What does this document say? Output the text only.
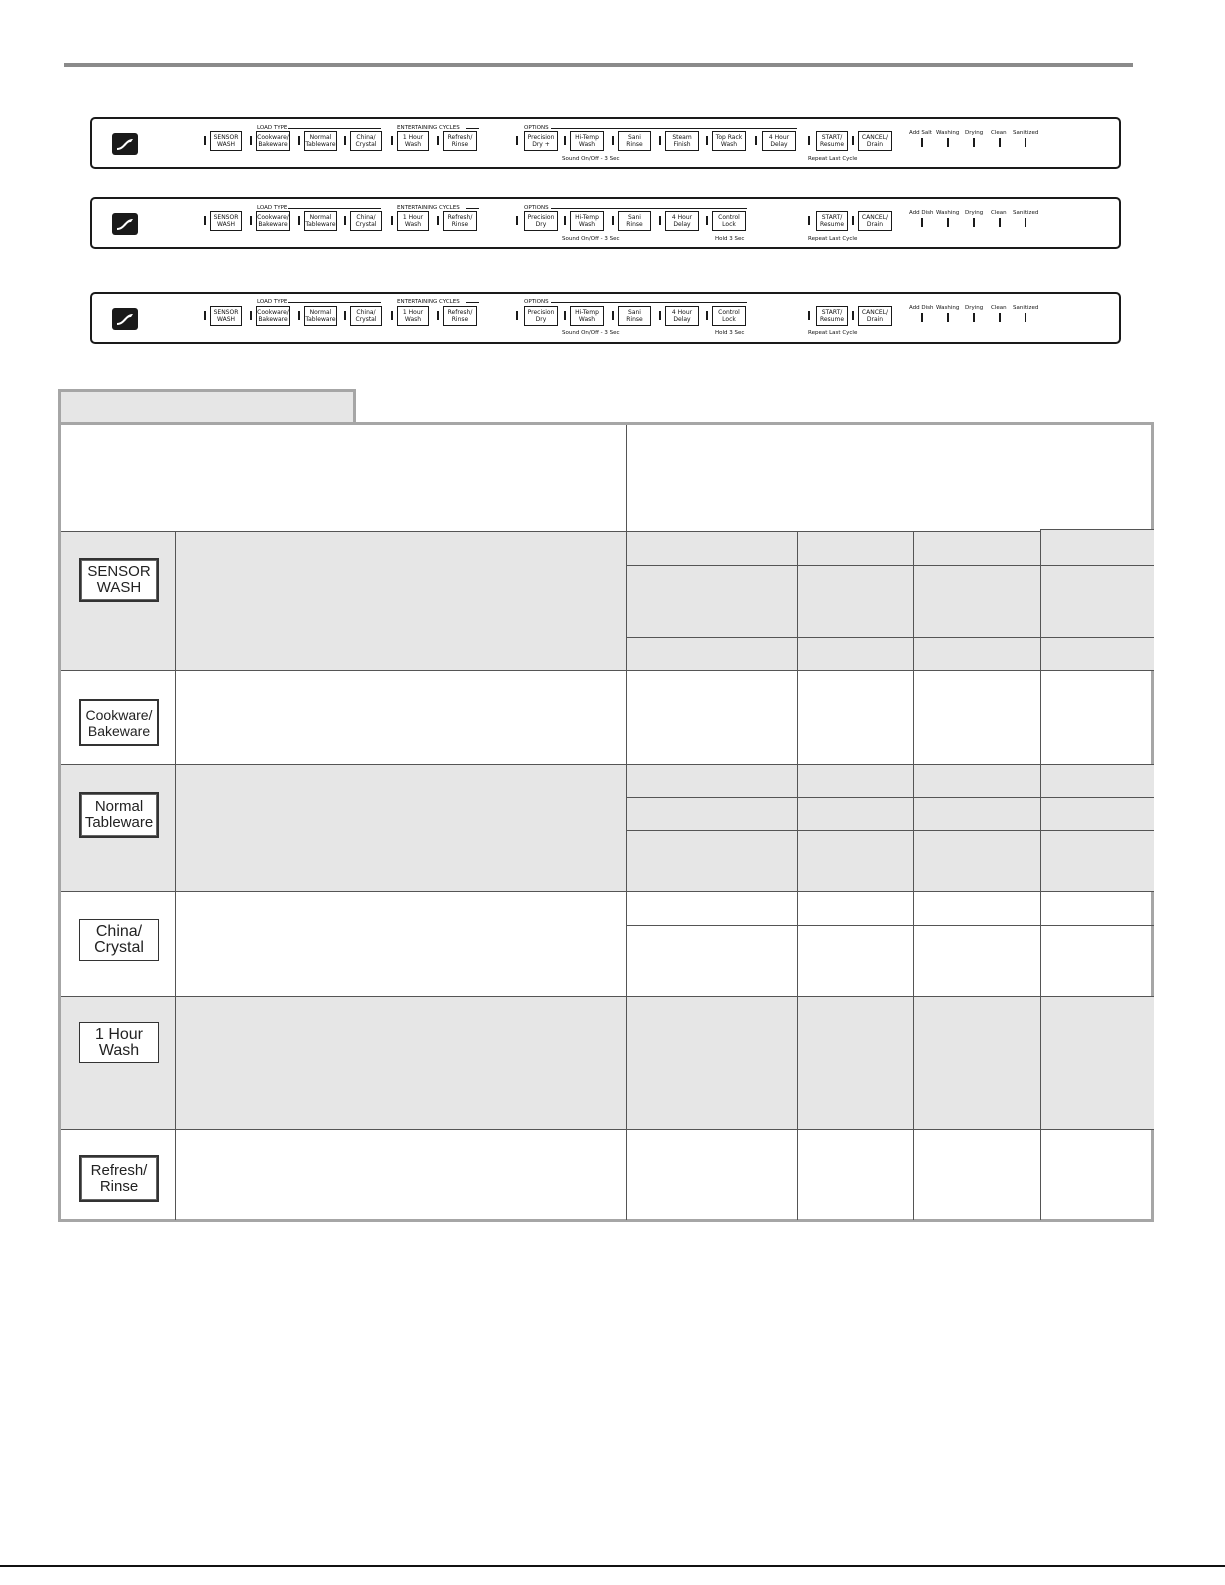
LOAD TYPE	ENTERTAINING CYCLES	OPTIONS
SENSOR
WASH
Cookware/
Bakeware
Normal
Tableware
China/
Crystal
1 Hour
Wash
Refresh/
Rinse
Precision
Dry +
Hi-Temp
Wash
Sani
Rinse
Steam
Finish
Top Rack
Wash
4 Hour
Delay
START/
Resume
CANCEL/
Drain
Sound On/Off - 3 Sec	Repeat Last Cycle
Add Salt Washing Drying Clean Sanitized
LOAD TYPE	ENTERTAINING CYCLES	OPTIONS
SENSOR
WASH
Cookware/
Bakeware
Normal
Tableware
China/
Crystal
1 Hour
Wash
Refresh/
Rinse
Precision
Dry
Hi-Temp
Wash
Sani
Rinse
4 Hour
Delay
Control
Lock
START/
Resume
CANCEL/
Drain
Sound On/Off - 3 Sec	Hold 3 Sec	Repeat Last Cycle
Add Dish Washing Drying Clean Sanitized
LOAD TYPE	ENTERTAINING CYCLES	OPTIONS
SENSOR
WASH
Cookware/
Bakeware
Normal
Tableware
China/
Crystal
1 Hour
Wash
Refresh/
Rinse
Precision
Dry
Hi-Temp
Wash
Sani
Rinse
4 Hour
Delay
Control
Lock
START/
Resume
CANCEL/
Drain
Sound On/Off - 3 Sec	Hold 3 Sec	Repeat Last Cycle
Add Dish Washing Drying Clean Sanitized
SENSOR
WASH
Cookware/
Bakeware
Normal
Tableware
China/
Crystal
1 Hour
Wash
Refresh/
Rinse
